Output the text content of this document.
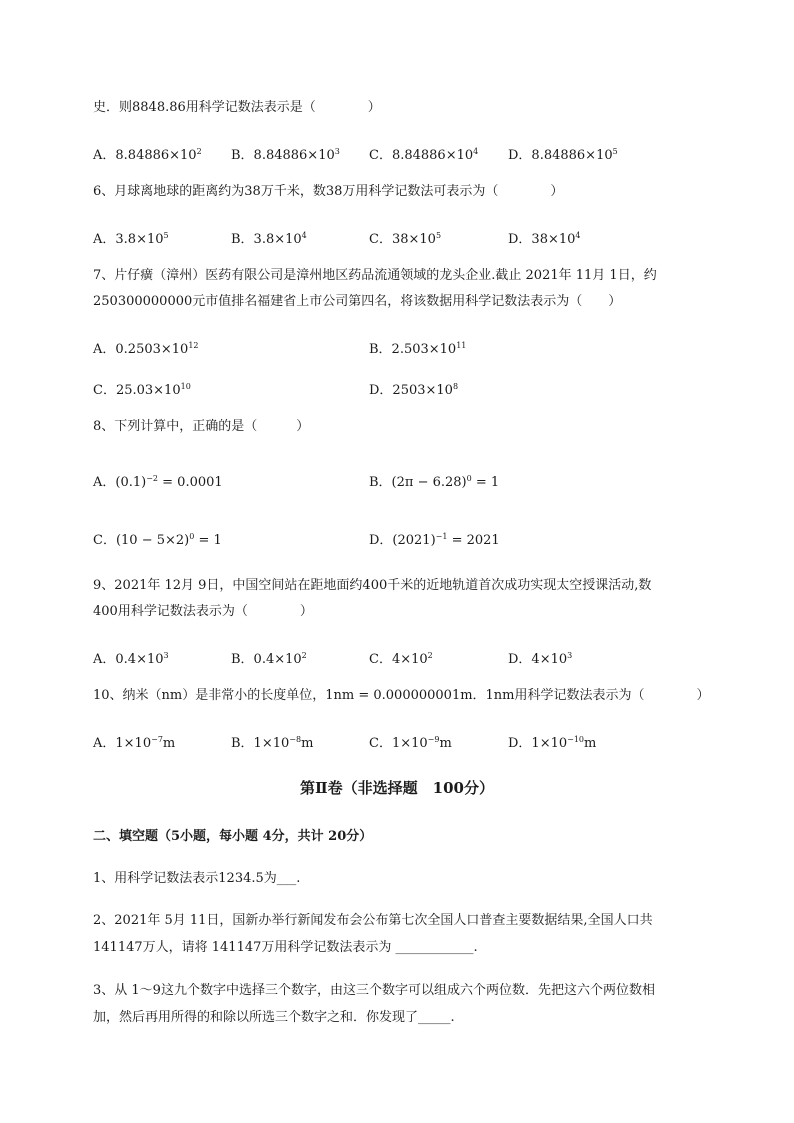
史．则8848.86用科学记数法表示是（　　　　）
A．$8.84886\times 10^2$ B．$8.84886\times 10^3$ C．$8.84886\times 10^4$ D．$8.84886\times 10^5$
6、月球离地球的距离约为38万千米，数38万用科学记数法可表示为（　　　　）
A．$3.8\times 10^5$	B．$3.8\times 10^4$	C．$38\times 10^5$	D．$38\times 10^4$
7、片仔癀（漳州）医药有限公司是漳州地区药品流通领域的龙头企业.截止 2021年 11月 1日，约
250300000000元市值排名福建省上市公司第四名，将该数据用科学记数法表示为（　　）
A．$0.2503\times 10^{12}$	B．$2.503\times 10^{11}$
C．$25.03\times 10^{10}$	D．$2503\times 10^8$
8、下列计算中，正确的是（　　　）
A．$(0.1)^{-2} = 0.0001$	B．$(2\pi - 6.28)^0 = 1$
C．$(10 - 5\times 2)^0 = 1$	D．$(2021)^{-1} = 2021$
9、2021年 12月 9日，中国空间站在距地面约400千米的近地轨道首次成功实现太空授课活动,数
400用科学记数法表示为（　　　　）
A．$0.4\times 10^3$	B．$0.4\times 10^2$	C．$4\times 10^2$	D．$4\times 10^3$
10、纳米（nm）是非常小的长度单位，1nm = 0.000000001m．1nm用科学记数法表示为（　　　　）
A．$1\times 10^{-7}m$	B．$1\times 10^{-8}m$	C．$1\times 10^{-9}m$	D．$1\times 10^{-10}m$
第Ⅱ卷（非选择题　100分）
二、填空题（5小题，每小题 4分，共计 20分）
1、用科学记数法表示1234.5为___.
2、2021年 5月 11日，国新办举行新闻发布会公布第七次全国人口普查主要数据结果,全国人口共
141147万人，请将 141147万用科学记数法表示为 ____________.
3、从 1～9这九个数字中选择三个数字，由这三个数字可以组成六个两位数．先把这六个两位数相
加，然后再用所得的和除以所选三个数字之和．你发现了_____.
